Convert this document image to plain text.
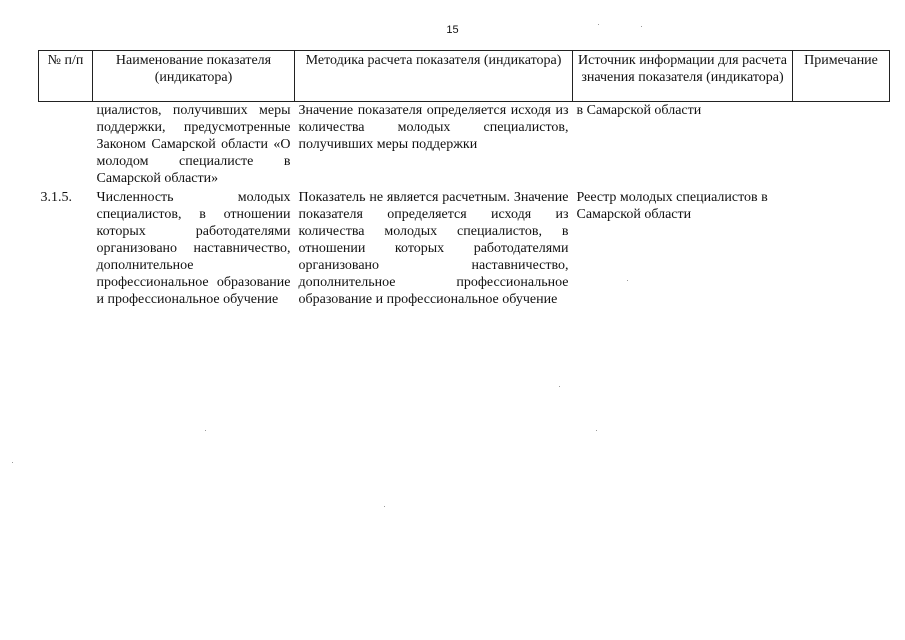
15
№ п/п	Наименование показателя (индикатора)	Методика расчета показателя (индикатора)	Источник информации для расчета значения показателя (индикатора)	Примечание
	циалистов, получивших меры поддержки, предусмотренные Законом Самарской области «О молодом специалисте в Самарской области»	Значение показателя определяется исходя из количества молодых специалистов, получивших меры поддержки	в Самарской области	
3.1.5.	Численность молодых специалистов, в отношении которых работодателями организовано наставничество, дополнительное профессиональное образование и профессиональное обучение	Показатель не является расчетным. Значение показателя определяется исходя из количества молодых специалистов, в отношении которых работодателями организовано наставничество, дополнительное профессиональное образование и профессиональное обучение	Реестр молодых специалистов в Самарской области	
